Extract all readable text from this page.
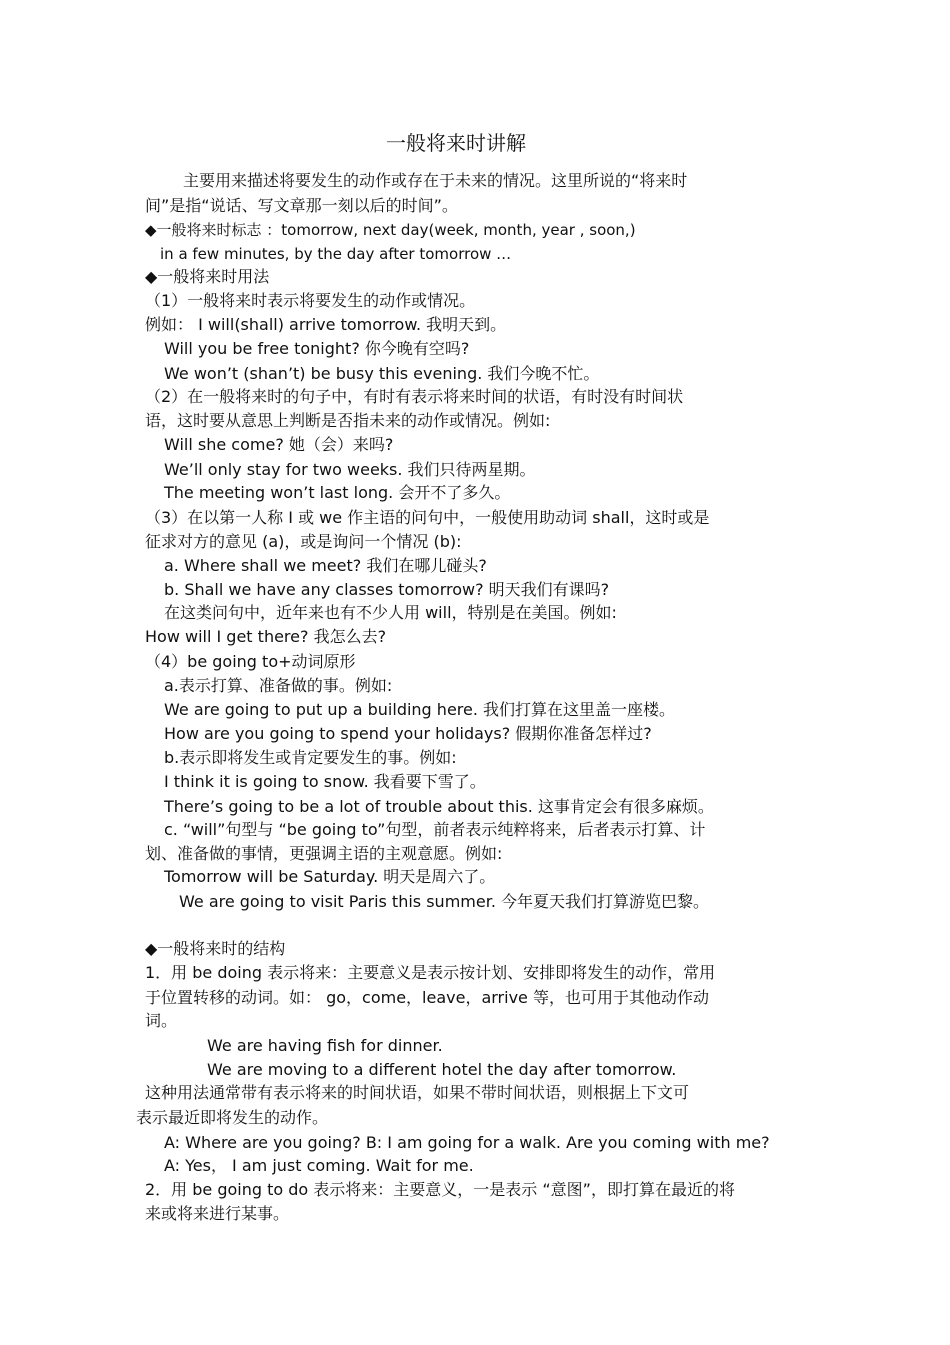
一般将来时讲解
主要用来描述将要发生的动作或存在于未来的情况。这里所说的“将来时
间”是指“说话、写文章那一刻以后的时间”。
◆一般将来时标志 ：tomorrow, next day(week, month, year , soon,)
in a few minutes, by the day after tomorrow …
◆一般将来时用法
（1）一般将来时表示将要发生的动作或情况。
例如： I will(shall) arrive tomorrow. 我明天到。
Will you be free tonight? 你今晚有空吗?
We won’t (shan’t) be busy this evening. 我们今晚不忙。
（2）在一般将来时的句子中，有时有表示将来时间的状语，有时没有时间状
语，这时要从意思上判断是否指未来的动作或情况。例如:
Will she come? 她（会）来吗?
We’ll only stay for two weeks. 我们只待两星期。
The meeting won’t last long. 会开不了多久。
（3）在以第一人称 I 或 we 作主语的问句中，一般使用助动词 shall，这时或是
征求对方的意见 (a)，或是询问一个情况 (b):
a. Where shall we meet? 我们在哪儿碰头?
b. Shall we have any classes tomorrow? 明天我们有课吗?
在这类问句中，近年来也有不少人用 will，特别是在美国。例如:
How will I get there? 我怎么去?
（4）be going to+动词原形
a.表示打算、准备做的事。例如:
We are going to put up a building here. 我们打算在这里盖一座楼。
How are you going to spend your holidays? 假期你准备怎样过?
b.表示即将发生或肯定要发生的事。例如:
I think it is going to snow. 我看要下雪了。
There’s going to be a lot of trouble about this. 这事肯定会有很多麻烦。
c. “will”句型与 “be going to”句型，前者表示纯粹将来，后者表示打算、计
划、准备做的事情，更强调主语的主观意愿。例如:
Tomorrow will be Saturday. 明天是周六了。
We are going to visit Paris this summer. 今年夏天我们打算游览巴黎。
◆一般将来时的结构
1．用 be doing 表示将来：主要意义是表示按计划、安排即将发生的动作，常用
于位置转移的动词。如： go，come，leave，arrive 等，也可用于其他动作动
词。
We are having fish for dinner.
We are moving to a different hotel the day after tomorrow.
这种用法通常带有表示将来的时间状语，如果不带时间状语，则根据上下文可
表示最近即将发生的动作。
A: Where are you going? B: I am going for a walk. Are you coming with me?
A: Yes， I am just coming. Wait for me.
2．用 be going to do 表示将来：主要意义，一是表示 “意图”，即打算在最近的将
来或将来进行某事。
